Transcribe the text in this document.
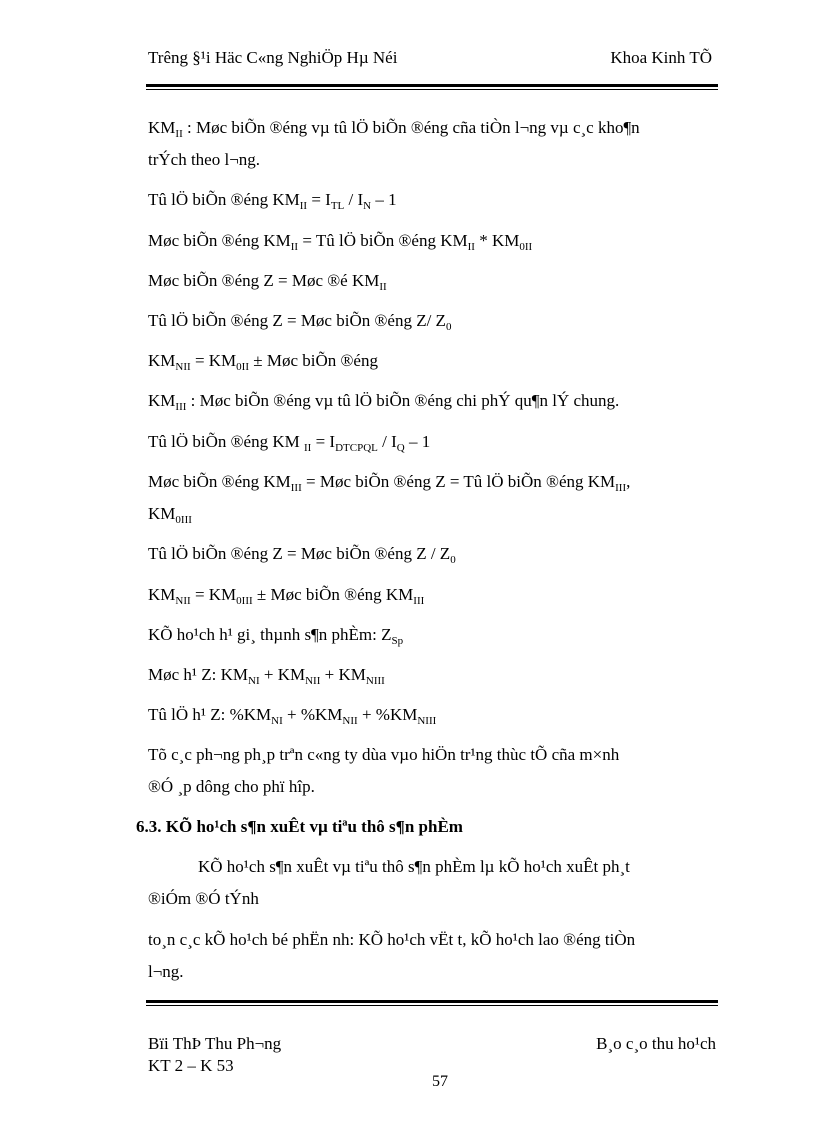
Trêng §¹i Häc C«ng NghiÖp Hµ Néi	Khoa Kinh TÕ
$KM_{II}$ : Møc biÕn ®éng vµ tû lÖ biÕn ®éng cña tiÒn l¬ng vµ c¸c kho¶n
trÝch theo l¬ng.
Tû lÖ biÕn ®éng $KM_{II} = I_{TL} / I_N - 1$
Møc biÕn ®éng $KM_{II}$ = Tû lÖ biÕn ®éng $KM_{II} * KM_{0II}$
Møc biÕn ®éng Z = Møc ®é $KM_{II}$
Tû lÖ biÕn ®éng Z = Møc biÕn ®éng Z/ $Z_0$
$KM_{NII} = KM_{0II}$ ± Møc biÕn ®éng
$KM_{III}$ : Møc biÕn ®éng vµ tû lÖ biÕn ®éng chi phÝ qu¶n lÝ chung.
Tû lÖ biÕn ®éng KM $_{II} = I_{DTCPQL} / I_Q - 1$
Møc biÕn ®éng $KM_{III}$ = Møc biÕn ®éng Z = Tû lÖ biÕn ®éng $KM_{III}$,
$KM_{0III}$
Tû lÖ biÕn ®éng Z = Møc biÕn ®éng Z / $Z_0$
$KM_{NII} = KM_{0III}$ ± Møc biÕn ®éng $KM_{III}$
KÕ ho¹ch h¹ gi¸ thµnh s¶n phÈm: $Z_{Sp}$
Møc h¹ Z: $KM_{NI} + KM_{NII} + KM_{NIII}$
Tû lÖ h¹ Z: $\%KM_{NI} + \%KM_{NII} + \%KM_{NIII}$
Tõ c¸c ph¬ng ph¸p trªn c«ng ty dùa vµo hiÖn tr¹ng thùc tÕ cña m×nh
®Ó ¸p dông cho phï hîp.
6.3. KÕ ho¹ch s¶n xuÊt vµ tiªu thô s¶n phÈm
KÕ ho¹ch s¶n xuÊt vµ tiªu thô s¶n phÈm lµ kÕ ho¹ch xuÊt ph¸t
®iÓm ®Ó tÝnh
to¸n c¸c kÕ ho¹ch bé phËn nh: KÕ ho¹ch vËt t, kÕ ho¹ch lao ®éng tiÒn
l¬ng.
Bïi ThÞ Thu Ph¬ng
KT 2 – K 53
B¸o c¸o thu ho¹ch
57
